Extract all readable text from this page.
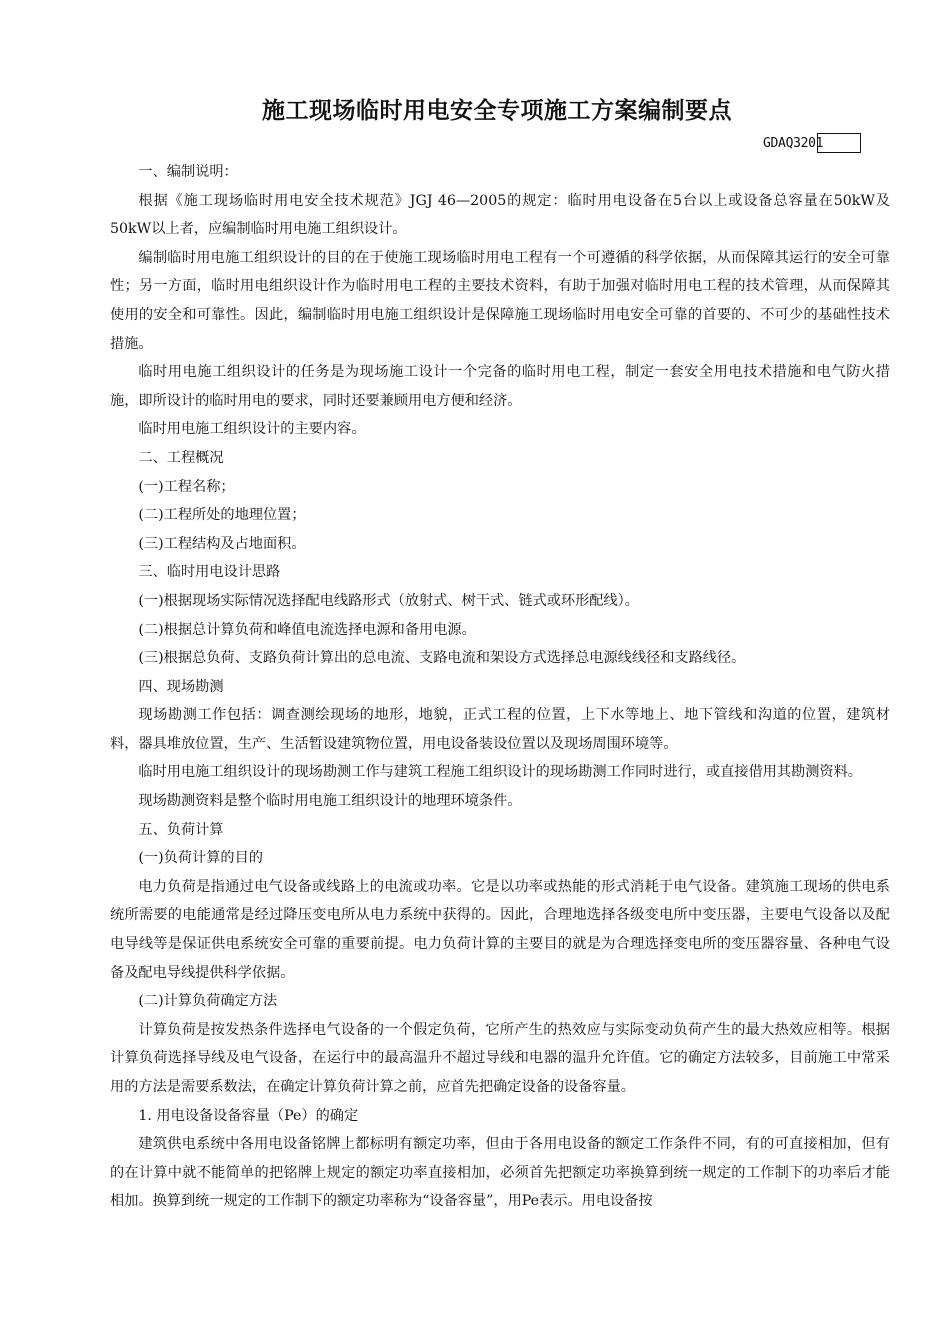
施工现场临时用电安全专项施工方案编制要点
GDAQ3201

一、编制说明：

根据《施工现场临时用电安全技术规范》JGJ 46—2005的规定：临时用电设备在5台以上或设备总容量在50kW及50kW以上者，应编制临时用电施工组织设计。

编制临时用电施工组织设计的目的在于使施工现场临时用电工程有一个可遵循的科学依据，从而保障其运行的安全可靠性；另一方面，临时用电组织设计作为临时用电工程的主要技术资料，有助于加强对临时用电工程的技术管理，从而保障其使用的安全和可靠性。因此，编制临时用电施工组织设计是保障施工现场临时用电安全可靠的首要的、不可少的基础性技术措施。

临时用电施工组织设计的任务是为现场施工设计一个完备的临时用电工程，制定一套安全用电技术措施和电气防火措施，即所设计的临时用电的要求，同时还要兼顾用电方便和经济。

临时用电施工组织设计的主要内容。

二、工程概况

(一)工程名称；

(二)工程所处的地理位置；

(三)工程结构及占地面积。

三、临时用电设计思路

(一)根据现场实际情况选择配电线路形式（放射式、树干式、链式或环形配线）。

(二)根据总计算负荷和峰值电流选择电源和备用电源。

(三)根据总负荷、支路负荷计算出的总电流、支路电流和架设方式选择总电源线线径和支路线径。

四、现场勘测

现场勘测工作包括：调查测绘现场的地形，地貌，正式工程的位置，上下水等地上、地下管线和沟道的位置，建筑材料，器具堆放位置，生产、生活暂设建筑物位置，用电设备装设位置以及现场周围环境等。

临时用电施工组织设计的现场勘测工作与建筑工程施工组织设计的现场勘测工作同时进行，或直接借用其勘测资料。

现场勘测资料是整个临时用电施工组织设计的地理环境条件。

五、负荷计算

(一)负荷计算的目的

电力负荷是指通过电气设备或线路上的电流或功率。它是以功率或热能的形式消耗于电气设备。建筑施工现场的供电系统所需要的电能通常是经过降压变电所从电力系统中获得的。因此，合理地选择各级变电所中变压器，主要电气设备以及配电导线等是保证供电系统安全可靠的重要前提。电力负荷计算的主要目的就是为合理选择变电所的变压器容量、各种电气设备及配电导线提供科学依据。

(二)计算负荷确定方法

计算负荷是按发热条件选择电气设备的一个假定负荷，它所产生的热效应与实际变动负荷产生的最大热效应相等。根据计算负荷选择导线及电气设备，在运行中的最高温升不超过导线和电器的温升允许值。它的确定方法较多，目前施工中常采用的方法是需要系数法，在确定计算负荷计算之前，应首先把确定设备的设备容量。

1. 用电设备设备容量（Pe）的确定

建筑供电系统中各用电设备铭牌上都标明有额定功率，但由于各用电设备的额定工作条件不同，有的可直接相加，但有的在计算中就不能简单的把铭牌上规定的额定功率直接相加，必须首先把额定功率换算到统一规定的工作制下的功率后才能相加。换算到统一规定的工作制下的额定功率称为“设备容量”，用Pe表示。用电设备按
